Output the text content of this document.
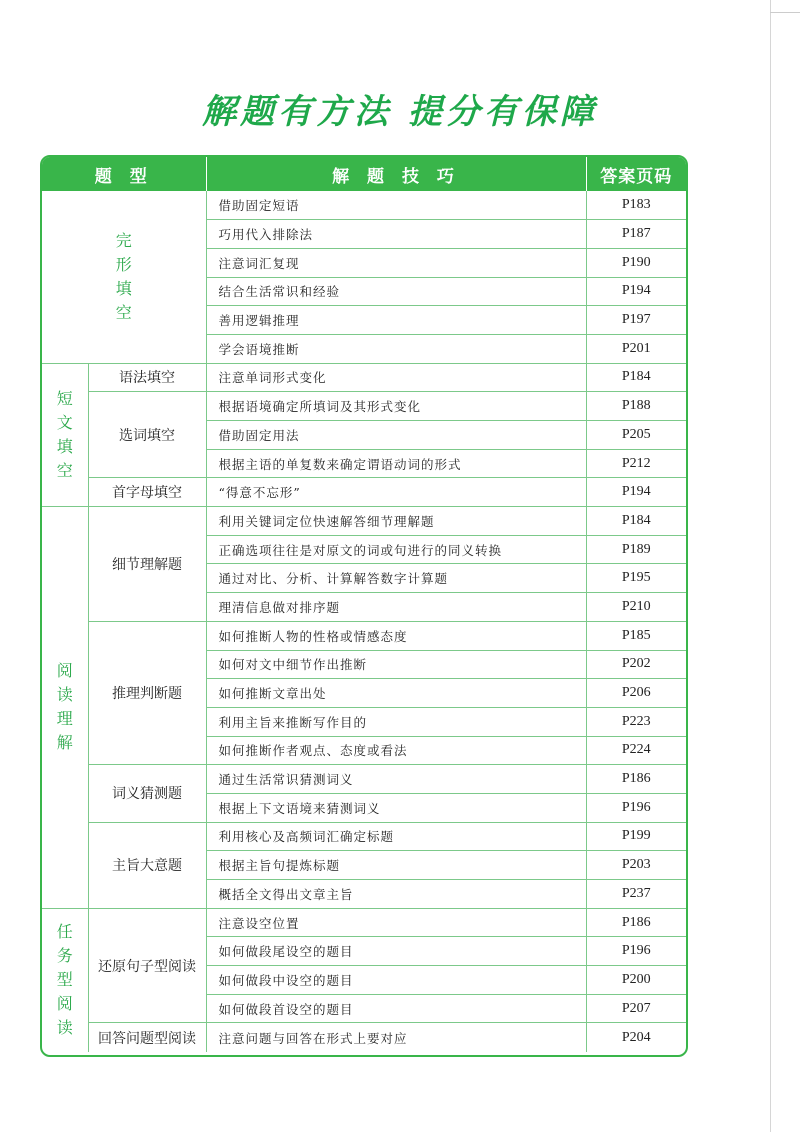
解题有方法 提分有保障
题 型		解 题 技 巧	答案页码
完形填空		借助固定短语	P183
		巧用代入排除法	P187
		注意词汇复现	P190
		结合生活常识和经验	P194
		善用逻辑推理	P197
		学会语境推断	P201
短文填空	语法填空	注意单词形式变化	P184
	选词填空	根据语境确定所填词及其形式变化	P188
		借助固定用法	P205
		根据主语的单复数来确定谓语动词的形式	P212
	首字母填空	“得意不忘形”	P194
阅读理解	细节理解题	利用关键词定位快速解答细节理解题	P184
		正确选项往往是对原文的词或句进行的同义转换	P189
		通过对比、分析、计算解答数字计算题	P195
		理清信息做对排序题	P210
	推理判断题	如何推断人物的性格或情感态度	P185
		如何对文中细节作出推断	P202
		如何推断文章出处	P206
		利用主旨来推断写作目的	P223
		如何推断作者观点、态度或看法	P224
	词义猜测题	通过生活常识猜测词义	P186
		根据上下文语境来猜测词义	P196
	主旨大意题	利用核心及高频词汇确定标题	P199
		根据主旨句提炼标题	P203
		概括全文得出文章主旨	P237
任务型阅读	还原句子型阅读	注意设空位置	P186
		如何做段尾设空的题目	P196
		如何做段中设空的题目	P200
		如何做段首设空的题目	P207
	回答问题型阅读	注意问题与回答在形式上要对应	P204
